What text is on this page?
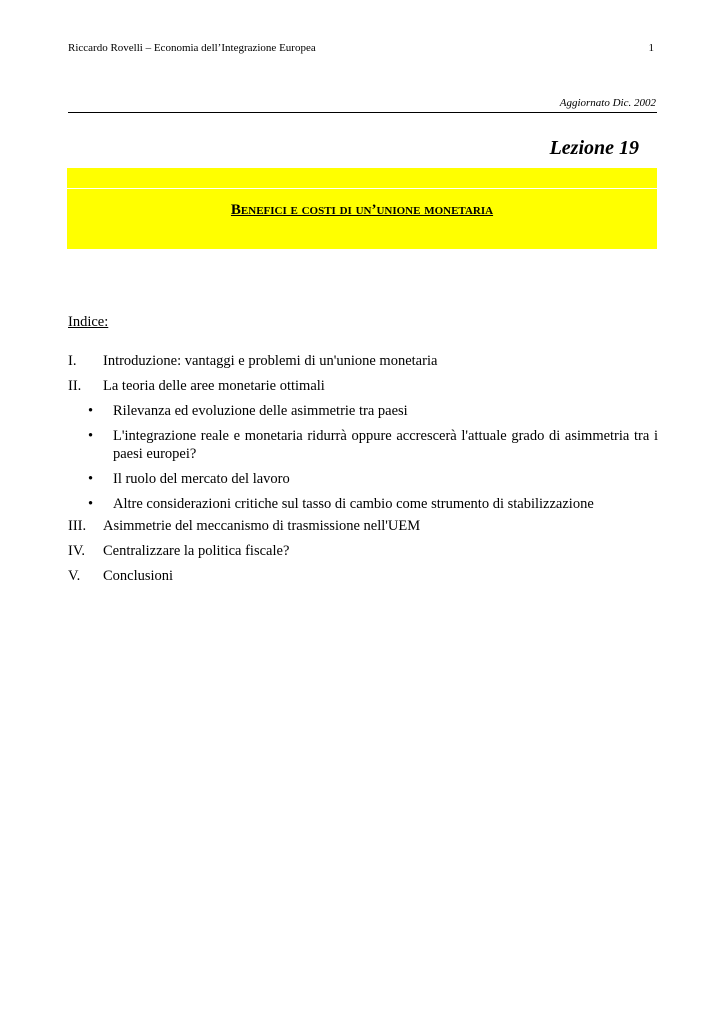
Riccardo Rovelli – Economia dell’Integrazione Europea	1
Aggiornato Dic. 2002
Lezione 19
Benefici e costi di un’unione monetaria
Indice:
I. Introduzione: vantaggi e problemi di un'unione monetaria
II. La teoria delle aree monetarie ottimali
• Rilevanza ed evoluzione delle asimmetrie tra paesi
• L'integrazione reale e monetaria ridurrà oppure accrescerà l'attuale grado di asimmetria tra i paesi europei?
• Il ruolo del mercato del lavoro
• Altre considerazioni critiche sul tasso di cambio come strumento di stabilizzazione
III. Asimmetrie del meccanismo di trasmissione nell'UEM
IV. Centralizzare la politica fiscale?
V. Conclusioni
